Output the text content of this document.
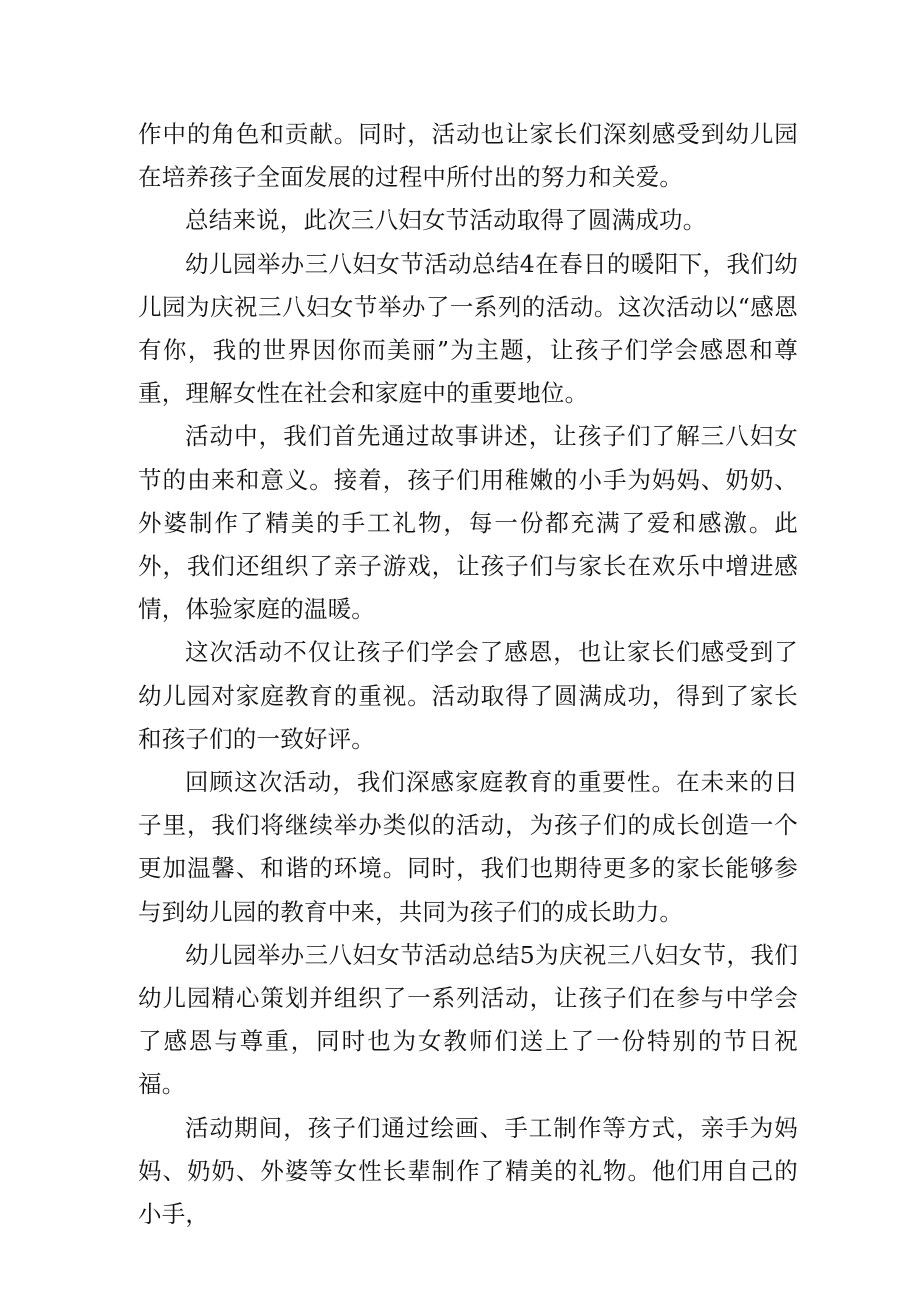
作中的角色和贡献。同时，活动也让家长们深刻感受到幼儿园在培养孩子全面发展的过程中所付出的努力和关爱。

总结来说，此次三八妇女节活动取得了圆满成功。

幼儿园举办三八妇女节活动总结4在春日的暖阳下，我们幼儿园为庆祝三八妇女节举办了一系列的活动。这次活动以“感恩有你，我的世界因你而美丽”为主题，让孩子们学会感恩和尊重，理解女性在社会和家庭中的重要地位。

活动中，我们首先通过故事讲述，让孩子们了解三八妇女节的由来和意义。接着，孩子们用稚嫩的小手为妈妈、奶奶、外婆制作了精美的手工礼物，每一份都充满了爱和感激。此外，我们还组织了亲子游戏，让孩子们与家长在欢乐中增进感情，体验家庭的温暖。

这次活动不仅让孩子们学会了感恩，也让家长们感受到了幼儿园对家庭教育的重视。活动取得了圆满成功，得到了家长和孩子们的一致好评。

回顾这次活动，我们深感家庭教育的重要性。在未来的日子里，我们将继续举办类似的活动，为孩子们的成长创造一个更加温馨、和谐的环境。同时，我们也期待更多的家长能够参与到幼儿园的教育中来，共同为孩子们的成长助力。

幼儿园举办三八妇女节活动总结5为庆祝三八妇女节，我们幼儿园精心策划并组织了一系列活动，让孩子们在参与中学会了感恩与尊重，同时也为女教师们送上了一份特别的节日祝福。

活动期间，孩子们通过绘画、手工制作等方式，亲手为妈妈、奶奶、外婆等女性长辈制作了精美的礼物。他们用自己的小手，
